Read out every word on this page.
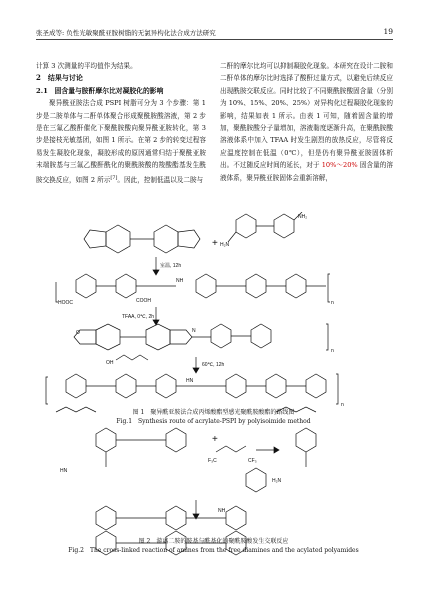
张圣成等: 负性光敏聚酰亚胺树脂的无氯异构化法合成方法研究	19

计算 3 次测量的平均值作为结果。

2　结果与讨论

2.1　固含量与胺酐摩尔比对凝胶化的影响

聚异酰亚胺法合成 PSPI 树脂可分为 3 个步骤：第 1 步是二胺单体与二酐单体聚合形成聚酰胺酸溶液，第 2 步是在三氟乙酸酐催化下聚酰胺酸向聚异酰亚胺转化，第 3 步是接枝光敏基团，如图 1 所示。在第 2 步的转变过程容易发生凝胶化现象，凝胶形成的原因通常归结于聚酰亚胺末端胺基与三氟乙酸酐酰化的聚酰胺酸的羧酸酯基发生酰胺交换反应，如图 2 所示[7]。因此，控制低温以及二胺与

二酐的摩尔比均可以抑制凝胶化现象。本研究在设计二胺和二酐单体的摩尔比时选择了酸酐过量方式，以避免后续反应出现酰胺交联反应。同时比较了不同聚酰胺酸固含量（分别为 10%、15%、20%、25%）对异构化过程凝胶化现象的影响，结果如表 1 所示。由表 1 可知，随着固含量的增加，聚酰胺酸分子量增加，溶液黏度逐渐升高，在聚酰胺酸溶液体系中加入 TFAA 时发生剧烈的放热反应，尽管将反应温度控制在低温（0℃），但是仍有聚异酰亚胺固体析出。不过随反应时间的延长，对于 10%～20% 固含量的溶液体系，聚异酰亚胺固体会重新溶解，

+ H₂N
NH₂
室温, 12h
HOOC	COOH
NH
n
TFAA, 0℃, 2h
O	N
n
OH	60℃, 12h
HN
n
HN
+
F₃C	CF₃
H₂N
NH
图 1　聚异酰亚胺法合成丙烯酸酯型感光聚酰胺酸酯的路线图
Fig.1　Synthesis route of acrylate-PSPI by polyisoimide method
图 2　游离二胺的胺基与酰基化的聚酰胺酸发生交联反应
Fig.2　The cross-linked reaction of amines from the free diamines and the acylated polyamides
